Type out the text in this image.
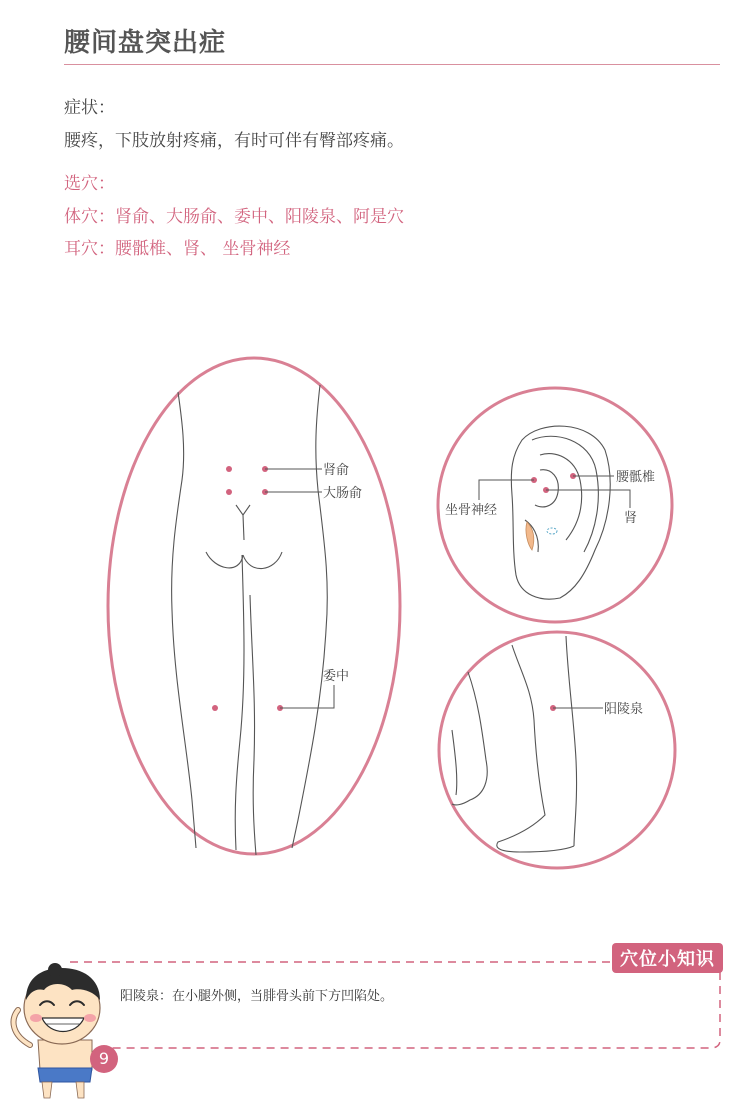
腰间盘突出症
症状：
腰疼，下肢放射疼痛，有时可伴有臀部疼痛。
选穴：
体穴：肾俞、大肠俞、委中、阳陵泉、阿是穴
耳穴：腰骶椎、肾、 坐骨神经
肾俞
大肠俞
委中
腰骶椎
坐骨神经
肾
阳陵泉
穴位小知识
阳陵泉：在小腿外侧，当腓骨头前下方凹陷处。
9
